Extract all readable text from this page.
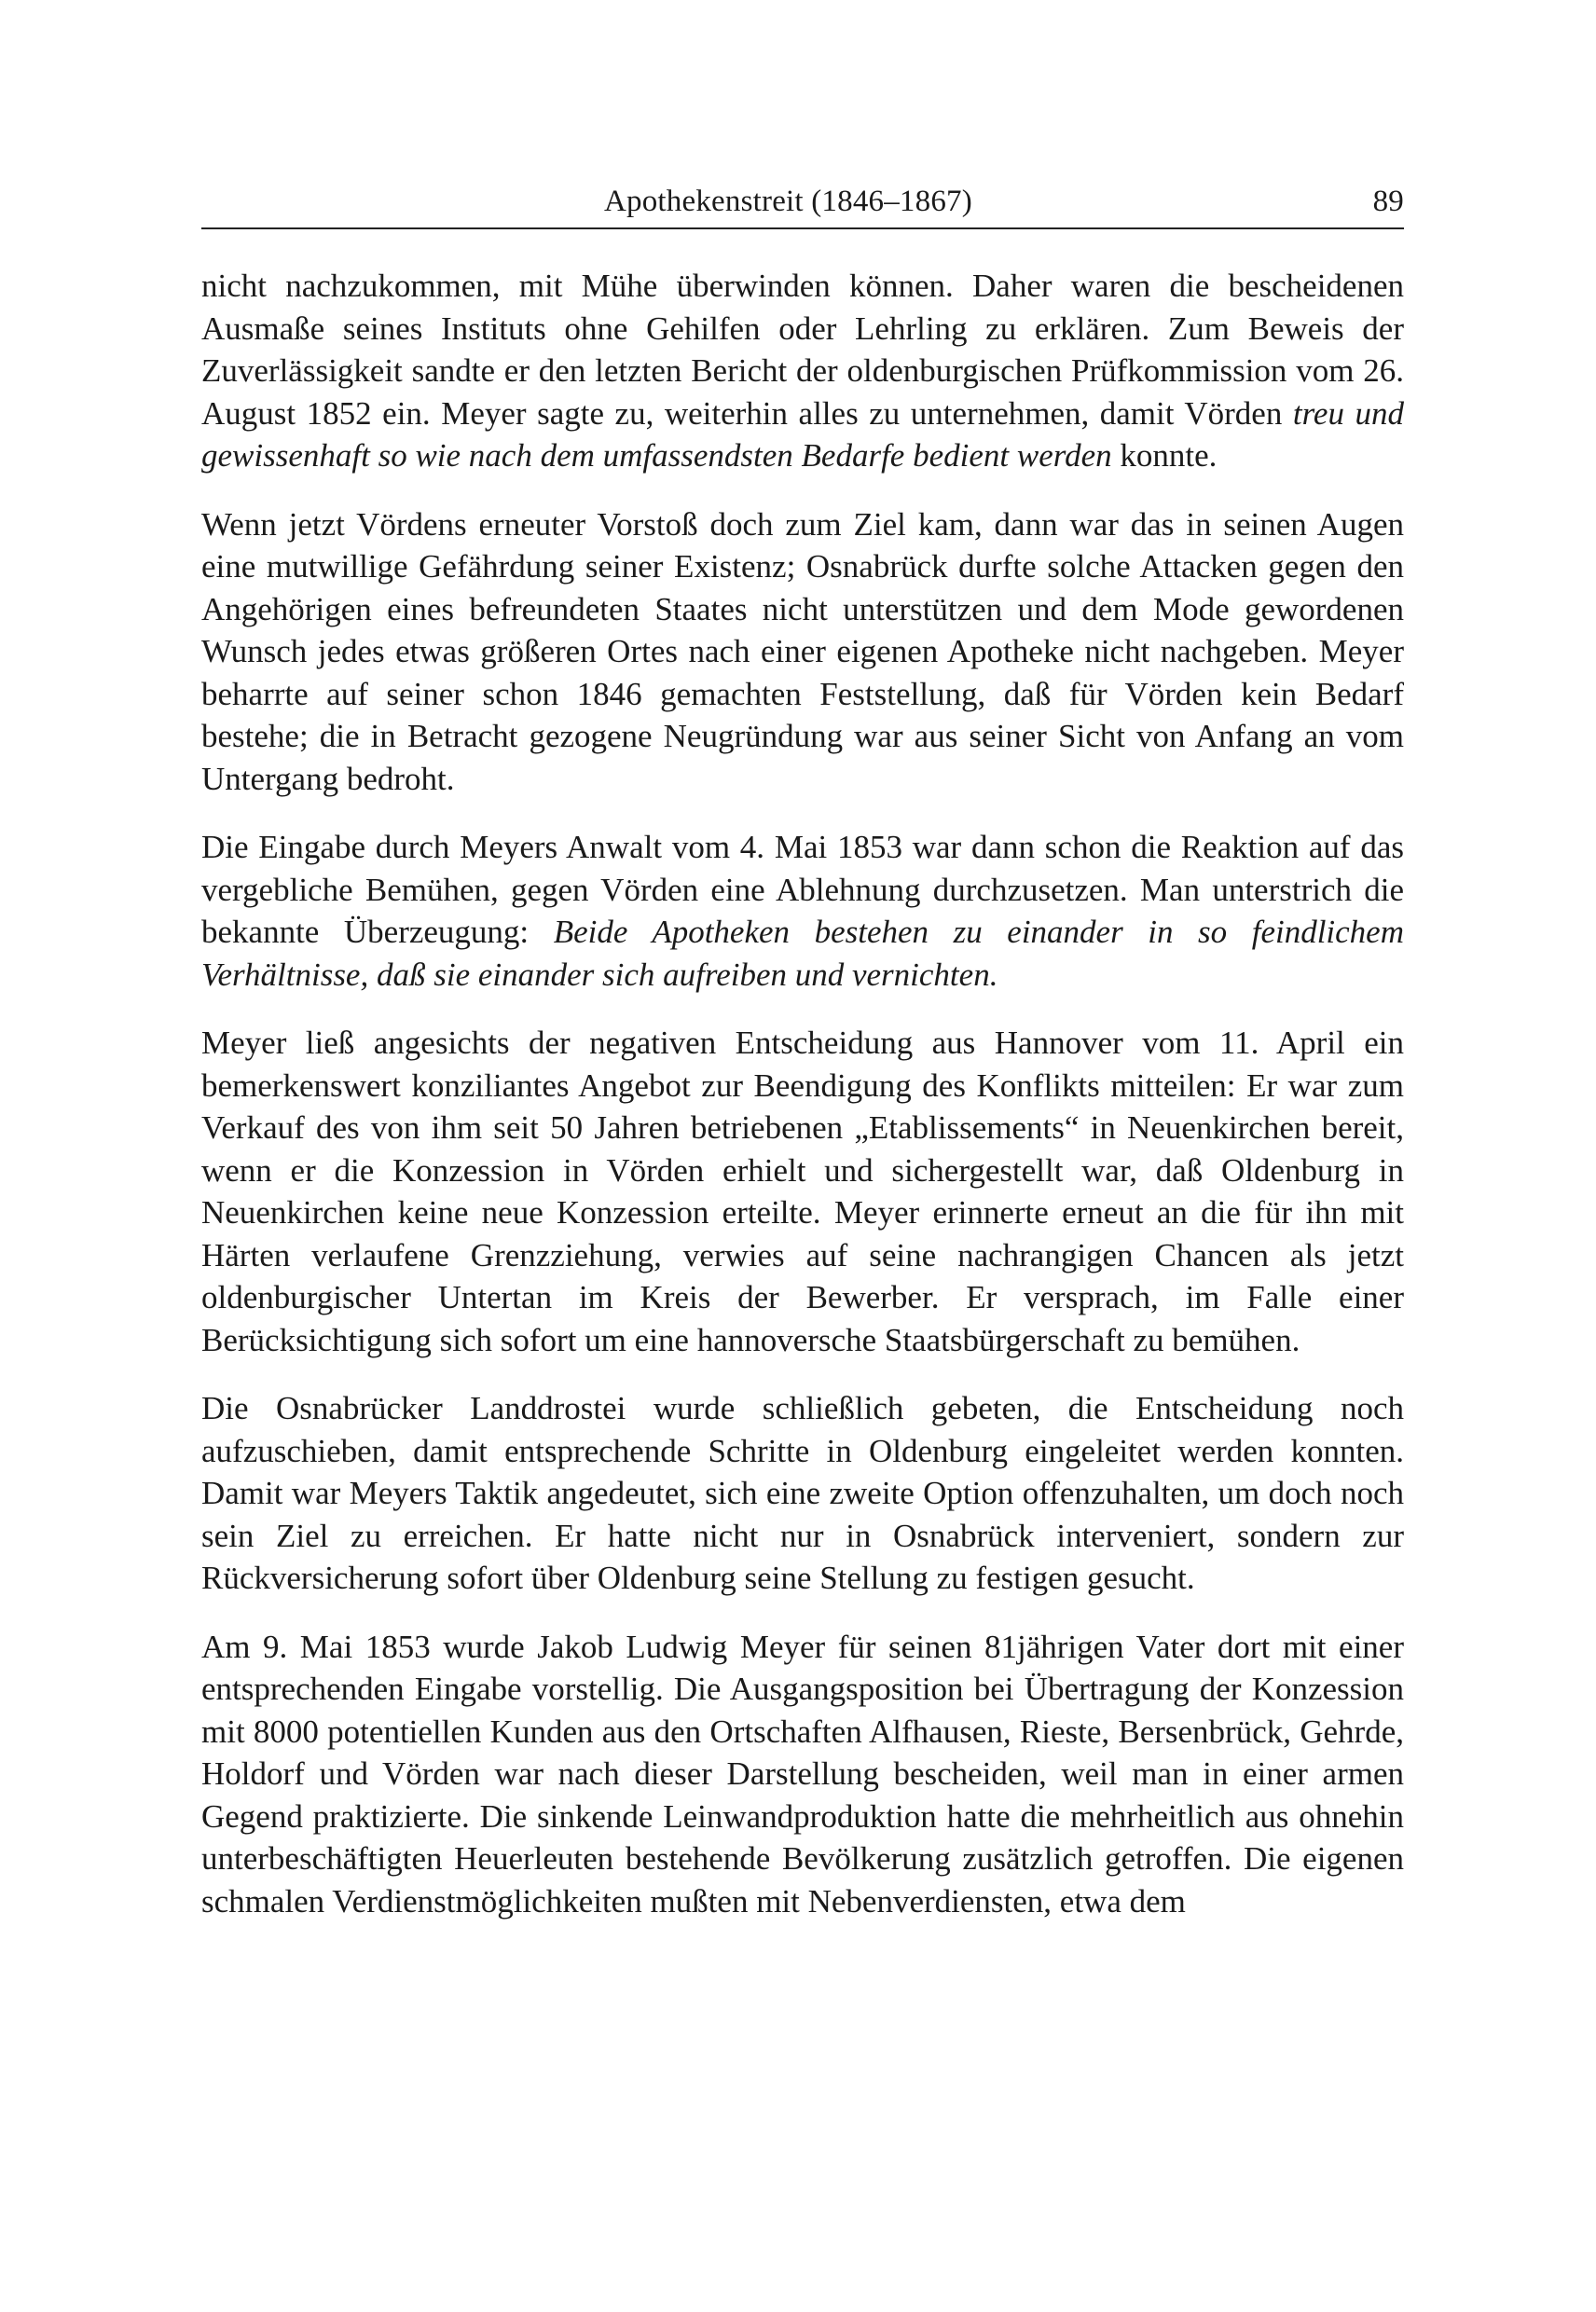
Apothekenstreit (1846–1867)	89

nicht nachzukommen, mit Mühe überwinden können. Daher waren die bescheidenen Ausmaße seines Instituts ohne Gehilfen oder Lehrling zu erklären. Zum Beweis der Zuverlässigkeit sandte er den letzten Bericht der oldenburgischen Prüfkommission vom 26. August 1852 ein. Meyer sagte zu, weiterhin alles zu unternehmen, damit Vörden treu und gewissenhaft so wie nach dem umfassendsten Bedarfe bedient werden konnte.

Wenn jetzt Vördens erneuter Vorstoß doch zum Ziel kam, dann war das in seinen Augen eine mutwillige Gefährdung seiner Existenz; Osnabrück durfte solche Attacken gegen den Angehörigen eines befreundeten Staates nicht unterstützen und dem Mode gewordenen Wunsch jedes etwas größeren Ortes nach einer eigenen Apotheke nicht nachgeben. Meyer beharrte auf seiner schon 1846 gemachten Feststellung, daß für Vörden kein Bedarf bestehe; die in Betracht gezogene Neugründung war aus seiner Sicht von Anfang an vom Untergang bedroht.

Die Eingabe durch Meyers Anwalt vom 4. Mai 1853 war dann schon die Reaktion auf das vergebliche Bemühen, gegen Vörden eine Ablehnung durchzusetzen. Man unterstrich die bekannte Überzeugung: Beide Apotheken bestehen zu einander in so feindlichem Verhältnisse, daß sie einander sich aufreiben und vernichten.

Meyer ließ angesichts der negativen Entscheidung aus Hannover vom 11. April ein bemerkenswert konziliantes Angebot zur Beendigung des Konflikts mitteilen: Er war zum Verkauf des von ihm seit 50 Jahren betriebenen „Etablissements“ in Neuenkirchen bereit, wenn er die Konzession in Vörden erhielt und sichergestellt war, daß Oldenburg in Neuenkirchen keine neue Konzession erteilte. Meyer erinnerte erneut an die für ihn mit Härten verlaufene Grenzziehung, verwies auf seine nachrangigen Chancen als jetzt oldenburgischer Untertan im Kreis der Bewerber. Er versprach, im Falle einer Berücksichtigung sich sofort um eine hannoversche Staatsbürgerschaft zu bemühen.

Die Osnabrücker Landdrostei wurde schließlich gebeten, die Entscheidung noch aufzuschieben, damit entsprechende Schritte in Oldenburg eingeleitet werden konnten. Damit war Meyers Taktik angedeutet, sich eine zweite Option offenzuhalten, um doch noch sein Ziel zu erreichen. Er hatte nicht nur in Osnabrück interveniert, sondern zur Rückversicherung sofort über Oldenburg seine Stellung zu festigen gesucht.

Am 9. Mai 1853 wurde Jakob Ludwig Meyer für seinen 81jährigen Vater dort mit einer entsprechenden Eingabe vorstellig. Die Ausgangsposition bei Übertragung der Konzession mit 8000 potentiellen Kunden aus den Ortschaften Alfhausen, Rieste, Bersenbrück, Gehrde, Holdorf und Vörden war nach dieser Darstellung bescheiden, weil man in einer armen Gegend praktizierte. Die sinkende Leinwandproduktion hatte die mehrheitlich aus ohnehin unterbeschäftigten Heuerleuten bestehende Bevölkerung zusätzlich getroffen. Die eigenen schmalen Verdienstmöglichkeiten mußten mit Nebenverdiensten, etwa dem
